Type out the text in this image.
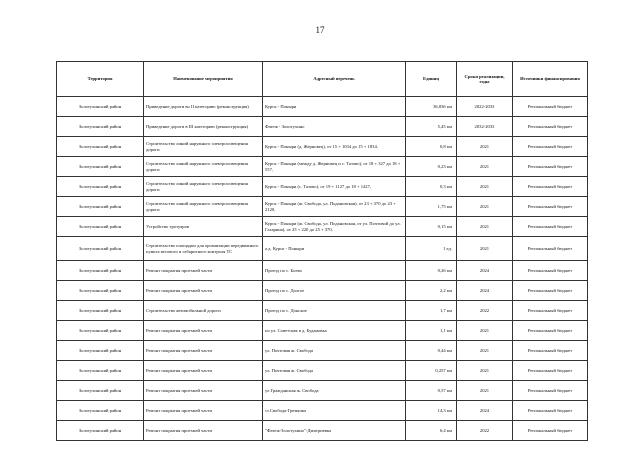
17
Территория	Наименование мероприятия	Адресный перечень	Единиц	Сроки реализации, годы	Источники финансирования
Золотухинский район	Приведение дороги во II категорию (реконструкция)	Курск - Поныри	36,836 км	2022-2033	Региональный бюджет
Золотухинский район	Приведение дороги в III категорию (реконструкция)	Фатеж - Золотухино	5,45 км	2032-2033	Региональный бюджет
Золотухинский район	Строительство линий наружного электроосвещения дороги	Курск - Поныри (д. Жерновец), от 15 + 1034 до 15 + 1834,	0,8 км	2021	Региональный бюджет
Золотухинский район	Строительство линий наружного электроосвещения дороги	Курск - Поныри (между д. Жерновец и с. Тазово), от 18 + 327 до 18 + 557,	0,23 км	2021	Региональный бюджет
Золотухинский район	Строительство линий наружного электроосвещения дороги	Курск - Поныри (с. Тазово), от 19 + 1127 до 18 + 1427,	0,3 км	2021	Региональный бюджет
Золотухинский район	Строительство линий наружного электроосвещения дороги	Курск - Поныри (ж. Свобода, ул. Подановская), от 23 + 370 до 23 + 2120,	1,75 км	2021	Региональный бюджет
Золотухинский район	Устройство тротуаров	Курск - Поныри (ж. Свобода, ул. Подановская, от ул. Почтовой до ул. Гагарина), от 25 + 220 до 25 + 370,	0,15 км	2021	Региональный бюджет
Золотухинский район	Строительство площадки для организации передвижного пункта весового и габаритного контроля ТС	а.д. Курск - Поныри	1 ед.	2021	Региональный бюджет
Золотухинский район	Ремонт покрытия проезжей части	Проезд по с. Боево	0,26 км	2024	Региональный бюджет
Золотухинский район	Ремонт покрытия проезжей части	Проезд по с. Долгое	2,2 км	2024	Региональный бюджет
Золотухинский район	Строительство автомобильной дороги	Проезд по с. Донское	1,7 км	2022	Региональный бюджет
Золотухинский район	Ремонт покрытия проезжей части	по ул. Советская в д. Будановка	1,1 км	2021	Региональный бюджет
Золотухинский район	Ремонт покрытия проезжей части	ул. Почтовая ж. Свобода	0,44 км	2021	Региональный бюджет
Золотухинский район	Ремонт покрытия проезжей части	ул. Почтовая ж. Свобода	0,257 км	2021	Региональный бюджет
Золотухинский район	Ремонт покрытия проезжей части	ул Гражданская ж. Свобода	0,57 км	2021	Региональный бюджет
Золотухинский район	Ремонт покрытия проезжей части	ст.Свобода-Гремячка	14,3 км	2024	Региональный бюджет
Золотухинский район	Ремонт покрытия проезжей части	"Фатеж-Золотухино"-Дмитриевка	6,4 км	2022	Региональный бюджет
